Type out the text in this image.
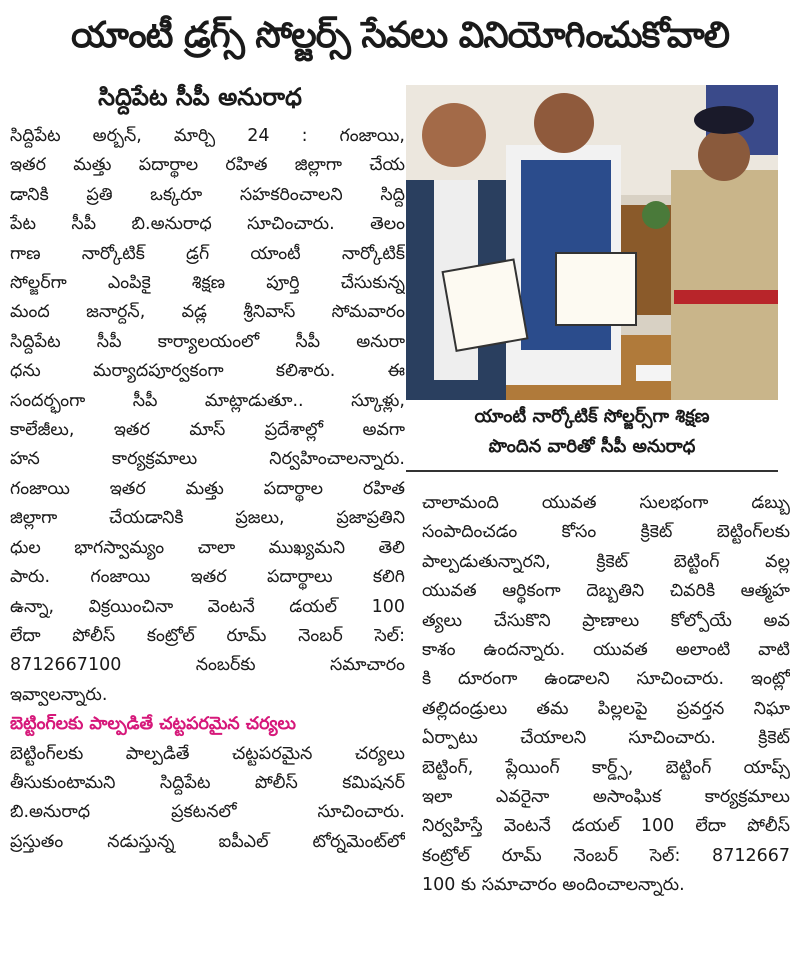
యాంటీ డ్రగ్స్ సోల్జర్స్ సేవలు వినియోగించుకోవాలి
సిద్దిపేట సీపీ అనురాధ
సిద్దిపేట అర్బన్, మార్చి 24 : గంజాయి,
ఇతర మత్తు పదార్థాల రహిత జిల్లాగా చేయ
డానికి ప్రతి ఒక్కరూ సహకరించాలని సిద్ది
పేట సీపీ బి.అనురాధ సూచించారు. తెలం
గాణ నార్కోటిక్ డ్రగ్ యాంటీ నార్కోటిక్
సోల్జర్‌గా ఎంపికై శిక్షణ పూర్తి చేసుకున్న
మంద జనార్దన్, వడ్ల శ్రీనివాస్ సోమవారం
సిద్దిపేట సీపీ కార్యాలయంలో సీపీ అనురా
ధను మర్యాదపూర్వకంగా కలిశారు. ఈ
సందర్భంగా సీపీ మాట్లాడుతూ.. స్కూళ్లు,
కాలేజీలు, ఇతర మాస్ ప్రదేశాల్లో అవగా
హన కార్యక్రమాలు నిర్వహించాలన్నారు.
గంజాయి ఇతర మత్తు పదార్థాల రహిత
జిల్లాగా చేయడానికి ప్రజలు, ప్రజాప్రతిని
ధుల భాగస్వామ్యం చాలా ముఖ్యమని తెలి
పారు. గంజాయి ఇతర పదార్థాలు కలిగి
ఉన్నా, విక్రయించినా వెంటనే డయల్ 100
లేదా పోలీస్ కంట్రోల్ రూమ్ నెంబర్ సెల్:
8712667100 నంబర్‌కు సమాచారం
ఇవ్వాలన్నారు.
బెట్టింగ్‌లకు పాల్పడితే చట్టపరమైన చర్యలు
బెట్టింగ్‌లకు పాల్పడితే చట్టపరమైన చర్యలు
తీసుకుంటామని సిద్దిపేట పోలీస్ కమిషనర్
బి.అనురాధ ప్రకటనలో సూచించారు.
ప్రస్తుతం నడుస్తున్న ఐపీఎల్ టోర్నమెంట్‌లో
యాంటీ నార్కోటిక్ సోల్జర్స్‌గా శిక్షణ
పొందిన వారితో సీపీ అనురాధ
చాలామంది యువత సులభంగా డబ్బు
సంపాదించడం కోసం క్రికెట్ బెట్టింగ్‌లకు
పాల్పడుతున్నారని, క్రికెట్ బెట్టింగ్ వల్ల
యువత ఆర్థికంగా దెబ్బతిని చివరికి ఆత్మహ
త్యలు చేసుకొని ప్రాణాలు కోల్పోయే అవ
కాశం ఉందన్నారు. యువత అలాంటి వాటి
కి దూరంగా ఉండాలని సూచించారు. ఇంట్లో
తల్లిదండ్రులు తమ పిల్లలపై ప్రవర్తన నిఘా
ఏర్పాటు చేయాలని సూచించారు. క్రికెట్
బెట్టింగ్, ప్లేయింగ్ కార్డ్స్, బెట్టింగ్ యాప్స్
ఇలా ఎవరైనా అసాంఘిక కార్యక్రమాలు
నిర్వహిస్తే వెంటనే డయల్ 100 లేదా పోలీస్
కంట్రోల్ రూమ్ నెంబర్ సెల్: 8712667
100 కు సమాచారం అందించాలన్నారు.
